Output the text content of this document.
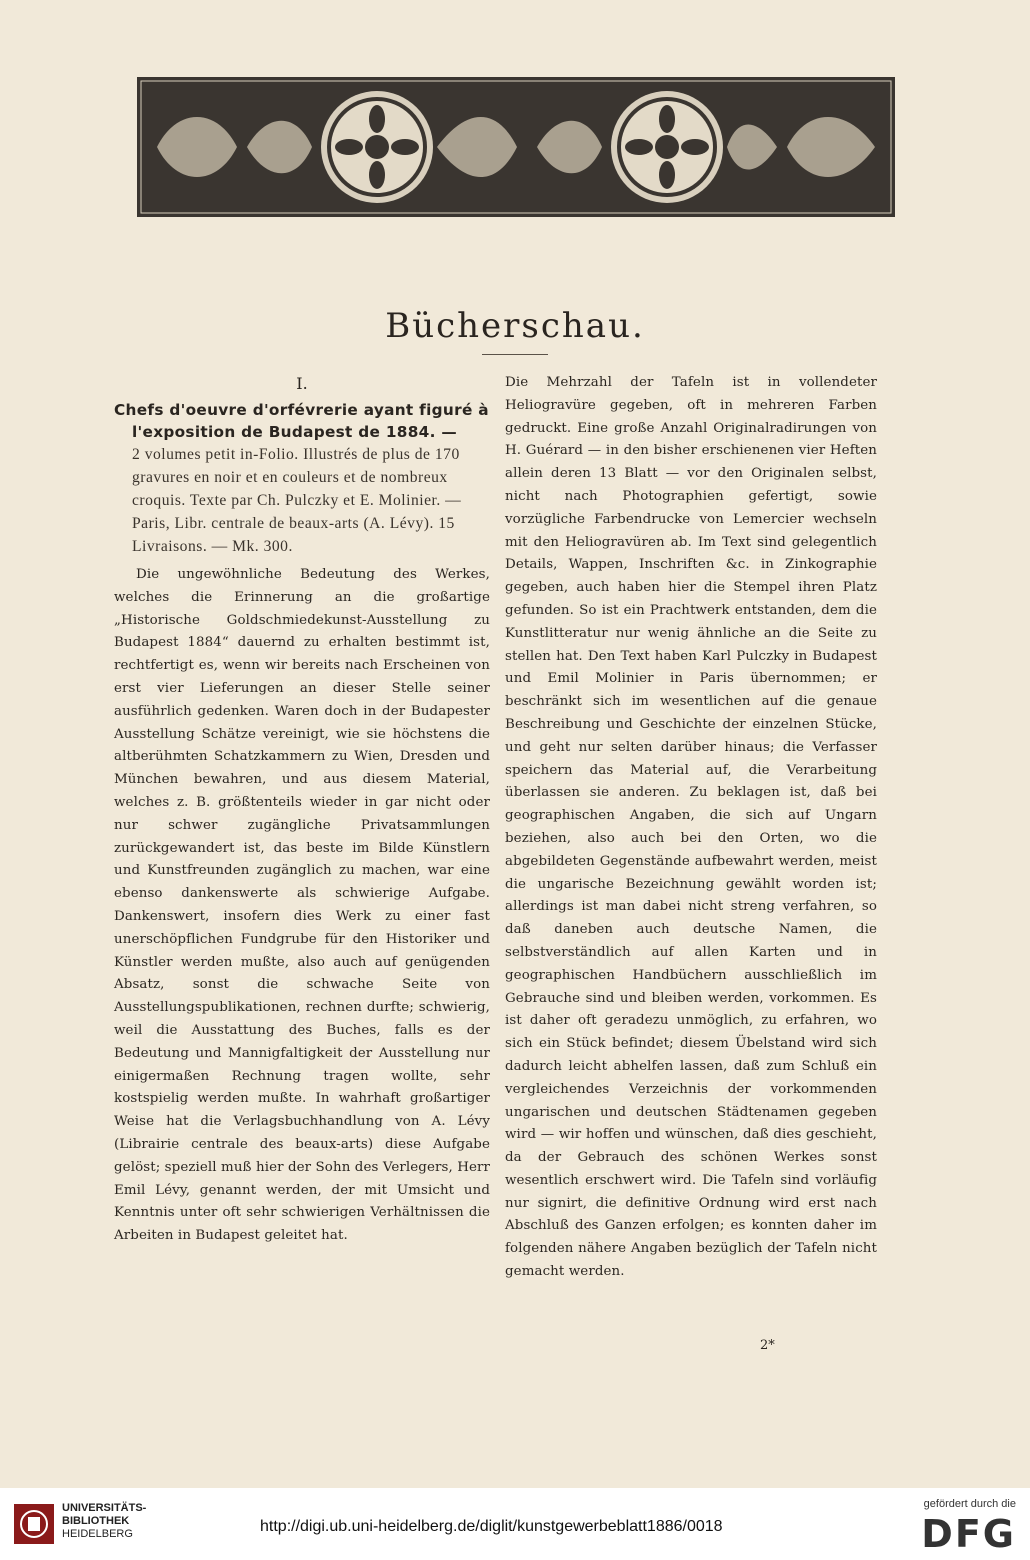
Bücherschau.
I.

Chefs d'oeuvre d'orfévrerie ayant figuré à l'exposition de Budapest de 1884. —

2 volumes petit in-Folio. Illustrés de plus de 170 gravures en noir et en couleurs et de nombreux croquis. Texte par Ch. Pulczky et E. Molinier. — Paris, Libr. centrale de beaux-arts (A. Lévy). 15 Livraisons. — Mk. 300.

Die ungewöhnliche Bedeutung des Werkes, welches die Erinnerung an die großartige „Historische Goldschmiedekunst-Ausstellung zu Budapest 1884“ dauernd zu erhalten bestimmt ist, rechtfertigt es, wenn wir bereits nach Erscheinen von erst vier Lieferungen an dieser Stelle seiner ausführlich gedenken. Waren doch in der Budapester Ausstellung Schätze vereinigt, wie sie höchstens die altberühmten Schatzkammern zu Wien, Dresden und München bewahren, und aus diesem Material, welches z. B. größtenteils wieder in gar nicht oder nur schwer zugängliche Privatsammlungen zurückgewandert ist, das beste im Bilde Künstlern und Kunstfreunden zugänglich zu machen, war eine ebenso dankenswerte als schwierige Aufgabe. Dankenswert, insofern dies Werk zu einer fast unerschöpflichen Fundgrube für den Historiker und Künstler werden mußte, also auch auf genügenden Absatz, sonst die schwache Seite von Ausstellungspublikationen, rechnen durfte; schwierig, weil die Ausstattung des Buches, falls es der Bedeutung und Mannigfaltigkeit der Ausstellung nur einigermaßen Rechnung tragen wollte, sehr kostspielig werden mußte. In wahrhaft großartiger Weise hat die Verlagsbuchhandlung von A. Lévy (Librairie centrale des beaux-arts) diese Aufgabe gelöst; speziell muß hier der Sohn des Verlegers, Herr Emil Lévy, genannt werden, der mit Umsicht und Kenntnis unter oft sehr schwierigen Verhältnissen die Arbeiten in Budapest geleitet hat.

Die Mehrzahl der Tafeln ist in vollendeter Heliogravüre gegeben, oft in mehreren Farben gedruckt. Eine große Anzahl Originalradirungen von H. Guérard — in den bisher erschienenen vier Heften allein deren 13 Blatt — vor den Originalen selbst, nicht nach Photographien gefertigt, sowie vorzügliche Farbendrucke von Lemercier wechseln mit den Heliogravüren ab. Im Text sind gelegentlich Details, Wappen, Inschriften &c. in Zinkographie gegeben, auch haben hier die Stempel ihren Platz gefunden. So ist ein Prachtwerk entstanden, dem die Kunstlitteratur nur wenig ähnliche an die Seite zu stellen hat. Den Text haben Karl Pulczky in Budapest und Emil Molinier in Paris übernommen; er beschränkt sich im wesentlichen auf die genaue Beschreibung und Geschichte der einzelnen Stücke, und geht nur selten darüber hinaus; die Verfasser speichern das Material auf, die Verarbeitung überlassen sie anderen. Zu beklagen ist, daß bei geographischen Angaben, die sich auf Ungarn beziehen, also auch bei den Orten, wo die abgebildeten Gegenstände aufbewahrt werden, meist die ungarische Bezeichnung gewählt worden ist; allerdings ist man dabei nicht streng verfahren, so daß daneben auch deutsche Namen, die selbstverständlich auf allen Karten und in geographischen Handbüchern ausschließlich im Gebrauche sind und bleiben werden, vorkommen. Es ist daher oft geradezu unmöglich, zu erfahren, wo sich ein Stück befindet; diesem Übelstand wird sich dadurch leicht abhelfen lassen, daß zum Schluß ein vergleichendes Verzeichnis der vorkommenden ungarischen und deutschen Städtenamen gegeben wird — wir hoffen und wünschen, daß dies geschieht, da der Gebrauch des schönen Werkes sonst wesentlich erschwert wird. Die Tafeln sind vorläufig nur signirt, die definitive Ordnung wird erst nach Abschluß des Ganzen erfolgen; es konnten daher im folgenden nähere Angaben bezüglich der Tafeln nicht gemacht werden.

2*
UNIVERSITÄTS-
BIBLIOTHEK
HEIDELBERG	http://digi.ub.uni-heidelberg.de/diglit/kunstgewerbeblatt1886/0018
gefördert durch die
DFG
